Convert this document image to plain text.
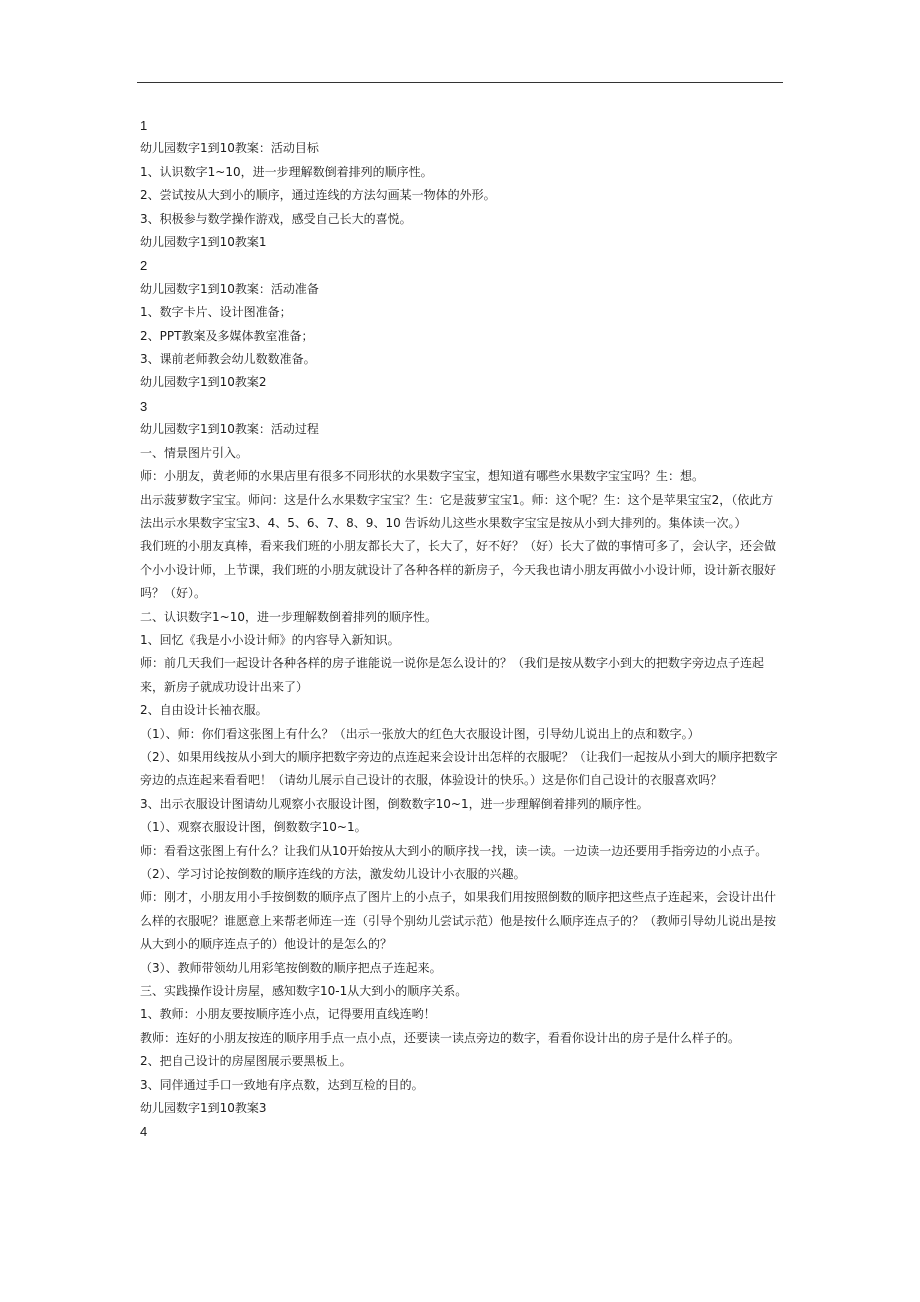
1

幼儿园数字1到10教案：活动目标

1、认识数字1~10，进一步理解数倒着排列的顺序性。

2、尝试按从大到小的顺序，通过连线的方法勾画某一物体的外形。

3、积极参与数学操作游戏，感受自己长大的喜悦。

幼儿园数字1到10教案1

2

幼儿园数字1到10教案：活动准备

1、数字卡片、设计图准备；

2、PPT教案及多媒体教室准备；

3、课前老师教会幼儿数数准备。

幼儿园数字1到10教案2

3

幼儿园数字1到10教案：活动过程

一、情景图片引入。

师：小朋友，黄老师的水果店里有很多不同形状的水果数字宝宝，想知道有哪些水果数字宝宝吗？生：想。

出示菠萝数字宝宝。师问：这是什么水果数字宝宝？生：它是菠萝宝宝1。师：这个呢？生：这个是苹果宝宝2，（依此方法出示水果数字宝宝3、4、5、6、7、8、9、10 告诉幼儿这些水果数字宝宝是按从小到大排列的。集体读一次。）

我们班的小朋友真棒，看来我们班的小朋友都长大了，长大了，好不好？（好）长大了做的事情可多了，会认字，还会做个小小设计师，上节课，我们班的小朋友就设计了各种各样的新房子，今天我也请小朋友再做小小设计师，设计新衣服好吗？（好）。

二、认识数字1~10，进一步理解数倒着排列的顺序性。

1、回忆《我是小小设计师》的内容导入新知识。

师：前几天我们一起设计各种各样的房子谁能说一说你是怎么设计的？（我们是按从数字小到大的把数字旁边点子连起来，新房子就成功设计出来了）

2、自由设计长袖衣服。

（1）、师：你们看这张图上有什么？（出示一张放大的红色大衣服设计图，引导幼儿说出上的点和数字。）

（2）、如果用线按从小到大的顺序把数字旁边的点连起来会设计出怎样的衣服呢？（让我们一起按从小到大的顺序把数字旁边的点连起来看看吧！（请幼儿展示自己设计的衣服，体验设计的快乐。）这是你们自己设计的衣服喜欢吗？

3、出示衣服设计图请幼儿观察小衣服设计图，倒数数字10~1，进一步理解倒着排列的顺序性。

（1）、观察衣服设计图，倒数数字10~1。

师：看看这张图上有什么？让我们从10开始按从大到小的顺序找一找，读一读。一边读一边还要用手指旁边的小点子。

（2）、学习讨论按倒数的顺序连线的方法，激发幼儿设计小衣服的兴趣。

师：刚才，小朋友用小手按倒数的顺序点了图片上的小点子，如果我们用按照倒数的顺序把这些点子连起来，会设计出什么样的衣服呢？谁愿意上来帮老师连一连（引导个别幼儿尝试示范）他是按什么顺序连点子的？（教师引导幼儿说出是按从大到小的顺序连点子的）他设计的是怎么的？

（3）、教师带领幼儿用彩笔按倒数的顺序把点子连起来。

三、实践操作设计房屋，感知数字10-1从大到小的顺序关系。

1、教师：小朋友要按顺序连小点，记得要用直线连哟！

教师：连好的小朋友按连的顺序用手点一点小点，还要读一读点旁边的数字，看看你设计出的房子是什么样子的。

2、把自己设计的房屋图展示要黑板上。

3、同伴通过手口一致地有序点数，达到互检的目的。

幼儿园数字1到10教案3

4
